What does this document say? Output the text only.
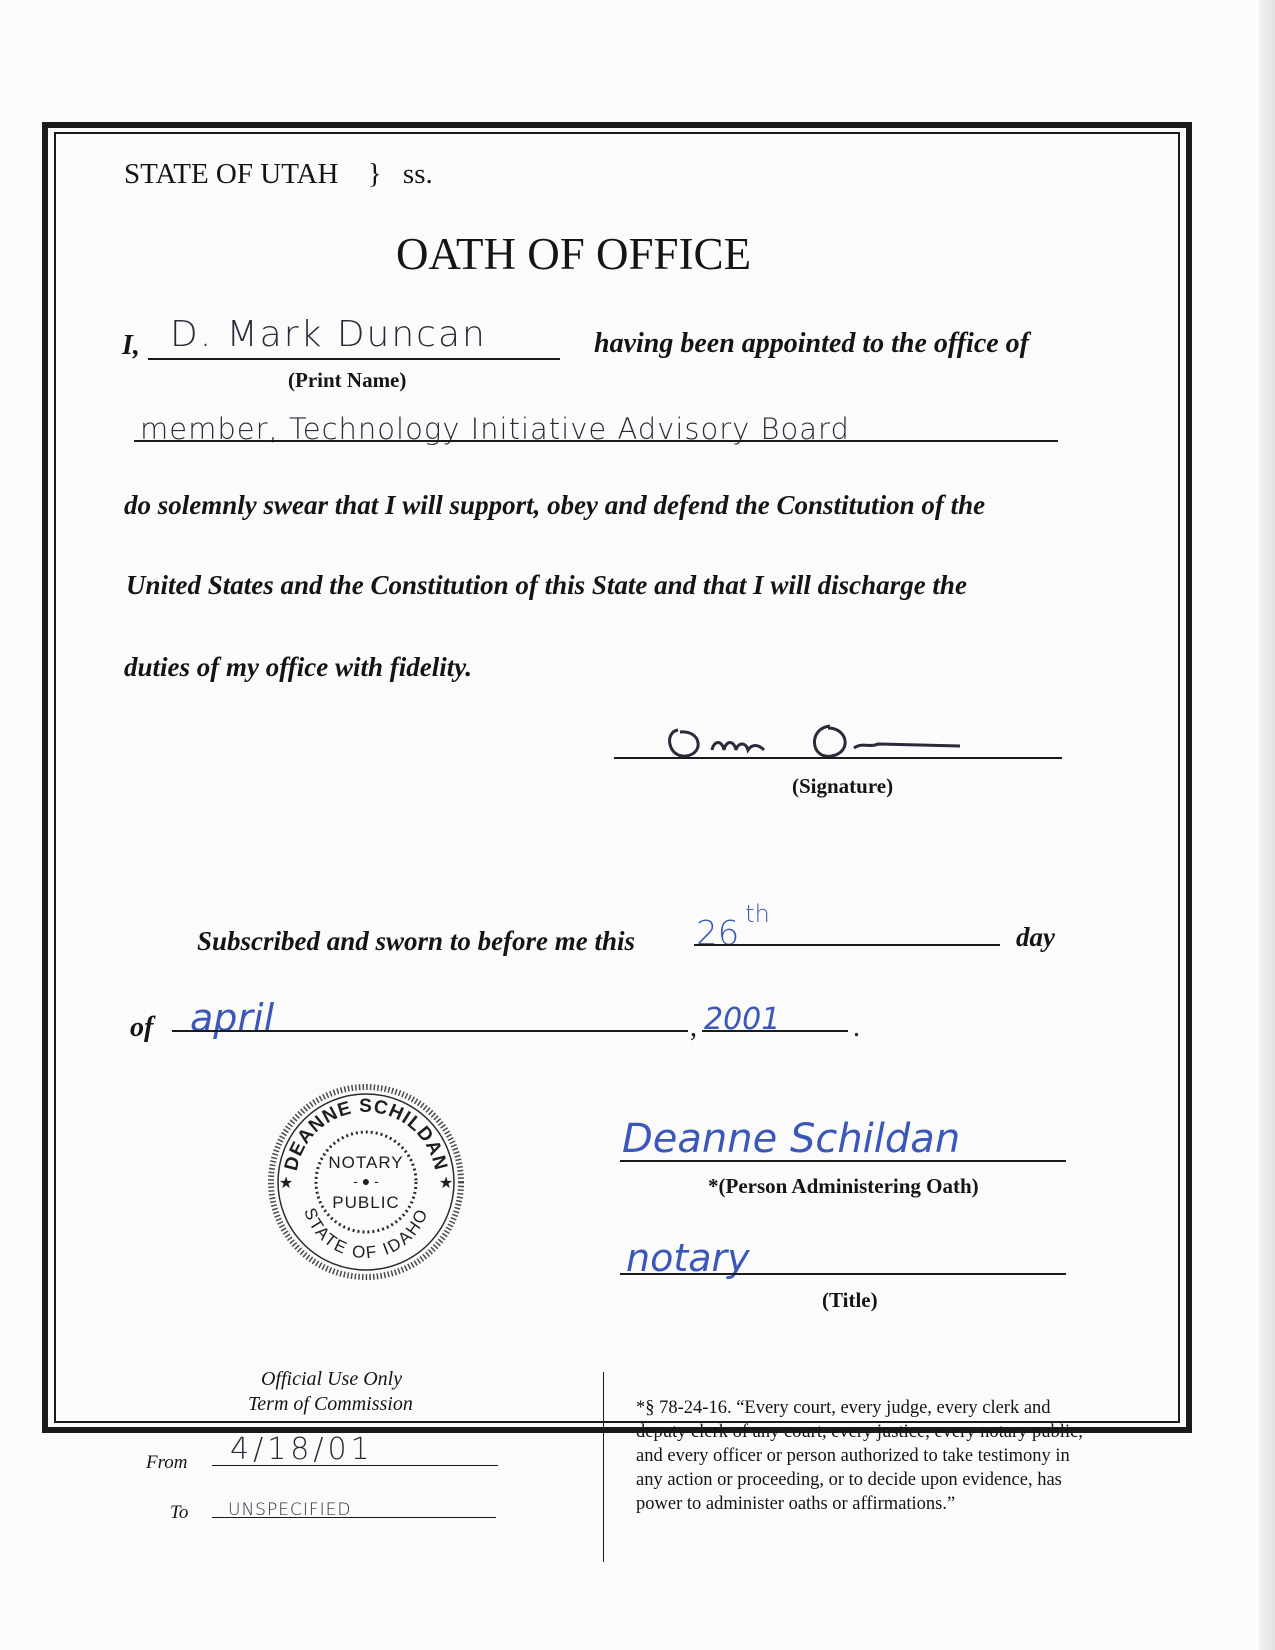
STATE OF UTAH } ss.
OATH OF OFFICE
I, D. Mark Duncan
(Print Name)
having been appointed to the office of
member, Technology Initiative Advisory Board
do solemnly swear that I will support, obey and defend the Constitution of the
United States and the Constitution of this State and that I will discharge the
duties of my office with fidelity.
(Signature)
Subscribed and sworn to before me this 26 $^{th}$
day
of april	, 2001	.
DEANNE SCHILDAN
STATE OF IDAHO
NOTARY
- ● -
PUBLIC
★	★
Deanne Schildan
*(Person Administering Oath)
notary
(Title)
Official Use Only
Term of Commission
From 4/18/01
To UNSPECIFIED
*§ 78-24-16. “Every court, every judge, every clerk and
deputy clerk of any court, every justice, every notary public,
and every officer or person authorized to take testimony in
any action or proceeding, or to decide upon evidence, has
power to administer oaths or affirmations.”
